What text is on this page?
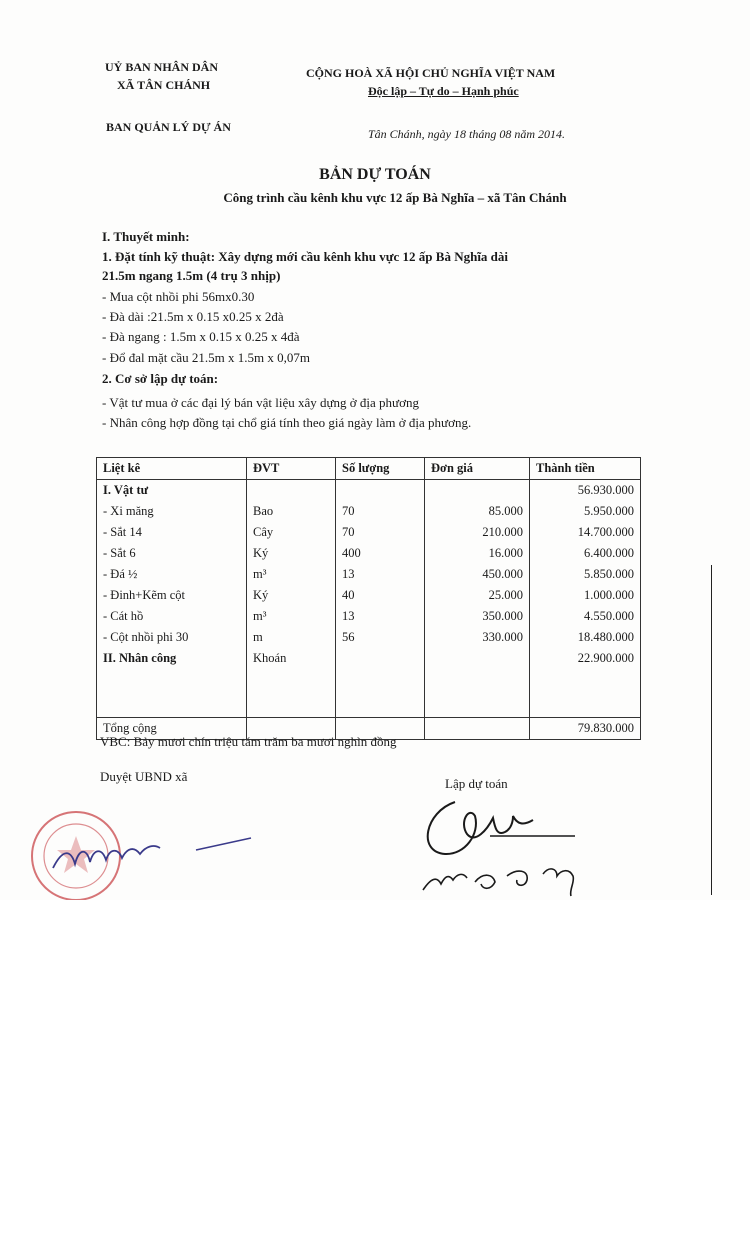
UỶ BAN NHÂN DÂN
XÃ TÂN CHÁNH
CỘNG HOÀ XÃ HỘI CHỦ NGHĨA VIỆT NAM
Độc lập – Tự do – Hạnh phúc
BAN QUẢN LÝ DỰ ÁN	Tân Chánh, ngày 18 tháng 08 năm 2014.
BẢN DỰ TOÁN
Công trình cầu kênh khu vực 12 ấp Bà Nghĩa – xã Tân Chánh
I. Thuyết minh:
1. Đặt tính kỹ thuật: Xây dựng mới cầu kênh khu vực 12 ấp Bà Nghĩa dài
21.5m ngang 1.5m (4 trụ 3 nhịp)
- Mua cột nhồi phi 56mx0.30
- Đà dài :21.5m x 0.15 x0.25 x 2đà
- Đà ngang : 1.5m x 0.15 x 0.25 x 4đà
- Đổ đal mặt cầu 21.5m x 1.5m x 0,07m
2. Cơ sở lập dự toán:
- Vật tư mua ở các đại lý bán vật liệu xây dựng ở địa phương
- Nhân công hợp đồng tại chổ giá tính theo giá ngày làm ở địa phương.
Liệt kê	ĐVT	Số lượng	Đơn giá	Thành tiền
I. Vật tư				56.930.000
- Xi măng	Bao	70	85.000	5.950.000
- Sắt 14	Cây	70	210.000	14.700.000
- Sắt 6	Ký	400	16.000	6.400.000
- Đá ½	m³	13	450.000	5.850.000
- Đinh+Kẽm cột	Ký	40	25.000	1.000.000
- Cát hồ	m³	13	350.000	4.550.000
- Cột nhồi phi 30	m	56	330.000	18.480.000
II. Nhân công	Khoán			22.900.000

Tổng cộng				79.830.000
VBC: Bảy mươi chín triệu tám trăm ba mươi nghìn đồng
Duyệt UBND xã	Lập dự toán
